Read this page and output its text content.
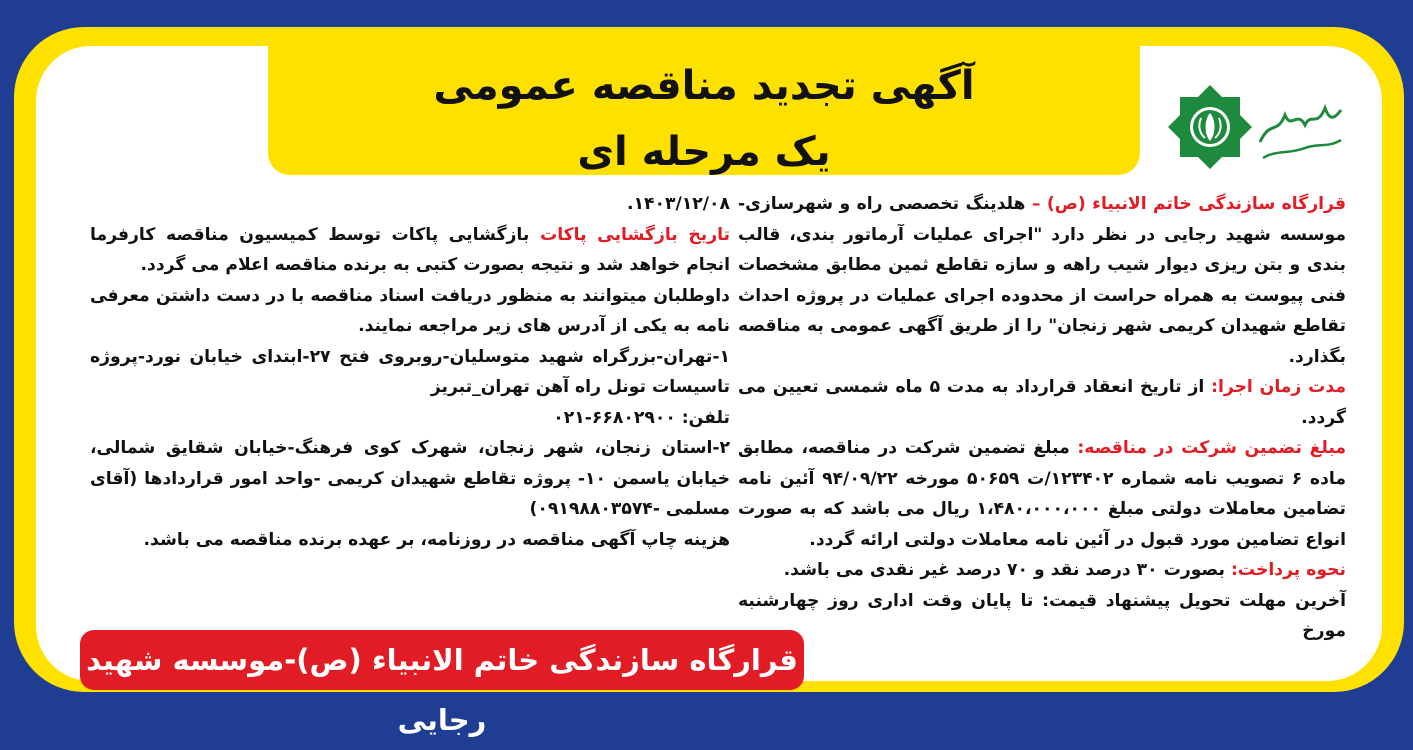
آگهی تجدید مناقصه عمومی
یک مرحله ای

قرارگاه سازندگی خاتم الانبیاء (ص) – هلدینگ تخصصی راه و شهرسازی-موسسه شهید رجایی در نظر دارد "اجرای عملیات آرماتور بندی، قالب بندی و بتن ریزی دیوار شیب راهه و سازه تقاطع ثمین مطابق مشخصات فنی پیوست به همراه حراست از محدوده اجرای عملیات در پروژه احداث تقاطع شهیدان کریمی شهر زنجان" را از طریق آگهی عمومی به مناقصه بگذارد.

مدت زمان اجرا: از تاریخ انعقاد قرارداد به مدت ۵ ماه شمسی تعیین می گردد.

مبلغ تضمین شرکت در مناقصه: مبلغ تضمین شرکت در مناقصه، مطابق ماده ۶ تصویب نامه شماره ۱۲۳۴۰۲/ت ۵۰۶۵۹ مورخه ۹۴/۰۹/۲۲ آئین نامه تضامین معاملات دولتی مبلغ ۱،۴۸۰،۰۰۰،۰۰۰ ریال می باشد که به صورت انواع تضامین مورد قبول در آئین نامه معاملات دولتی ارائه گردد.

نحوه پرداخت: بصورت ۳۰ درصد نقد و ۷۰ درصد غیر نقدی می باشد.

آخرین مهلت تحویل پیشنهاد قیمت: تا پایان وقت اداری روز چهارشنبه مورخ

۱۴۰۳/۱۲/۰۸.

تاریخ بازگشایی پاکات بازگشایی پاکات توسط کمیسیون مناقصه کارفرما انجام خواهد شد و نتیجه بصورت کتبی به برنده مناقصه اعلام می گردد.

داوطلبان میتوانند به منظور دریافت اسناد مناقصه با در دست داشتن معرفی نامه به یکی از آدرس های زیر مراجعه نمایند.

۱-تهران-بزرگراه شهید متوسلیان-روبروی فتح ۲۷-ابتدای خیابان نورد-پروژه تاسیسات تونل راه آهن تهران_تبریز

تلفن: ۶۶۸۰۲۹۰۰-۰۲۱

۲-استان زنجان، شهر زنجان، شهرک کوی فرهنگ-خیابان شقایق شمالی، خیابان یاسمن ۱۰- پروژه تقاطع شهیدان کریمی -واحد امور قراردادها (آقای مسلمی -۰۹۱۹۸۸۰۳۵۷۴)

هزینه چاپ آگهی مناقصه در روزنامه، بر عهده برنده مناقصه می باشد.

قرارگاه سازندگی خاتم الانبیاء (ص)-موسسه شهید رجایی
